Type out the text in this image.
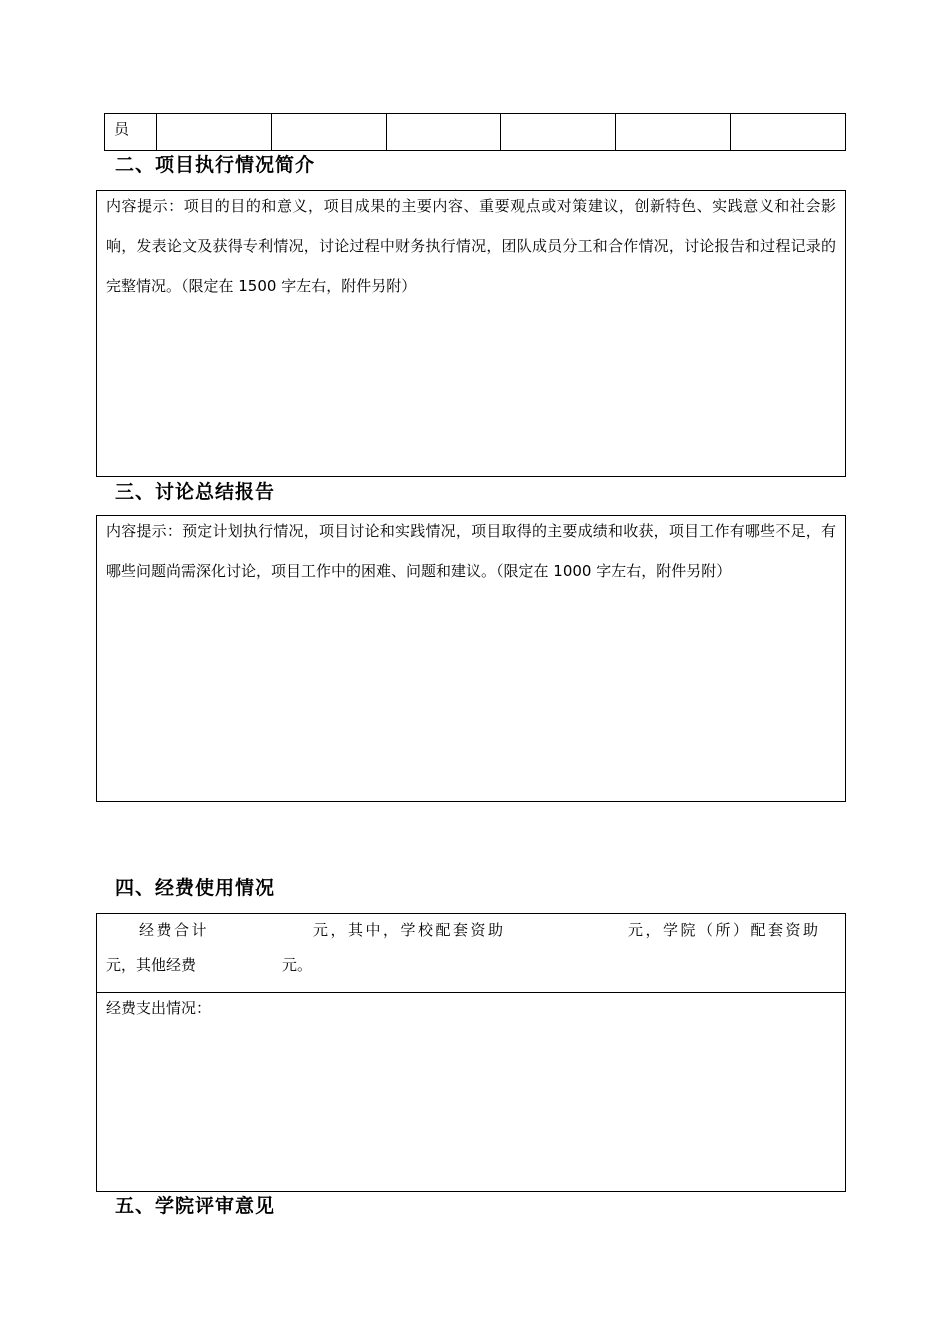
员						
二、项目执行情况简介
内容提示：项目的目的和意义，项目成果的主要内容、重要观点或对策建议，创新特色、实践意义和社会影响，发表论文及获得专利情况，讨论过程中财务执行情况，团队成员分工和合作情况，讨论报告和过程记录的完整情况。（限定在 1500 字左右，附件另附）
三、讨论总结报告
内容提示：预定计划执行情况，项目讨论和实践情况，项目取得的主要成绩和收获，项目工作有哪些不足，有哪些问题尚需深化讨论，项目工作中的困难、问题和建议。（限定在 1000 字左右，附件另附）
四、经费使用情况
经费合计	元，其中，学校配套资助	元，学院（所）配套资助
元，其他经费	元。
经费支出情况：
五、学院评审意见
